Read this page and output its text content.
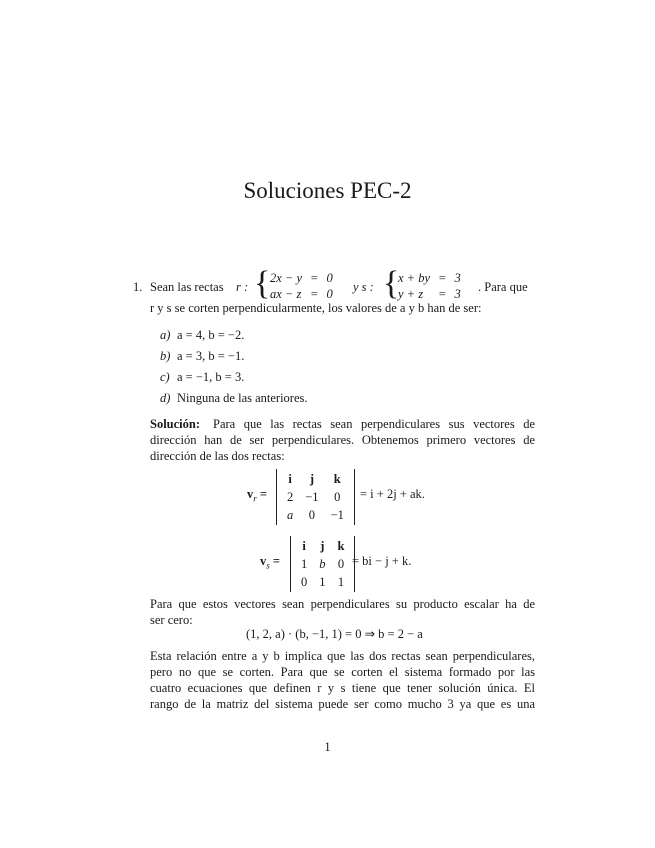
Soluciones PEC-2
1. Sean las rectas r : { 2x − y	=	0
ax − z	=	0 y s : {
x + by	=	3
y + z	=	3 . Para que
r y s se corten perpendicularmente, los valores de a y b han de ser:
a) a = 4, b = −2.
b) a = 3, b = −1.
c) a = −1, b = 3.
d) Ninguna de las anteriores.
Solución: Para que las rectas sean perpendiculares sus vectores de
dirección han de ser perpendiculares. Obtenemos primero vectores de
dirección de las dos rectas:
$v_r$ =
i	j	k
2	−1	0
a	0	−1
= i + 2j + ak.
$v_s$ =
i	j	k
1	b	0
0	1	1
= bi − j + k.
Para que estos vectores sean perpendiculares su producto escalar ha de
ser cero:
(1, 2, a) · (b, −1, 1) = 0 ⇒ b = 2 − a
Esta relación entre a y b implica que las dos rectas sean perpendiculares,
pero no que se corten. Para que se corten el sistema formado por las
cuatro ecuaciones que definen r y s tiene que tener solución única. El
rango de la matriz del sistema puede ser como mucho 3 ya que es una
1
